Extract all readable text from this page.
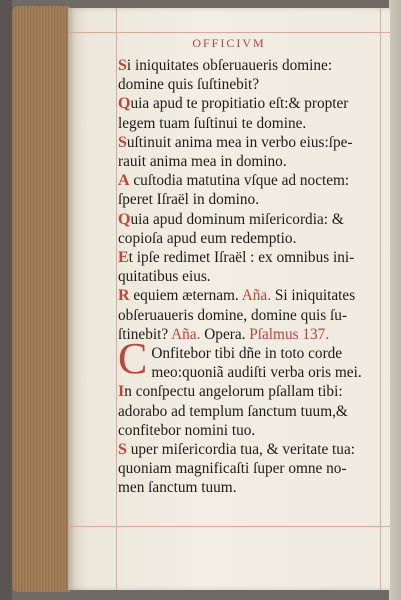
OFFICIVM
Si iniquitates obſeruaueris domine:
domine quis ſuſtinebit?
Quia apud te propitiatio eſt:& propter
legem tuam ſuſtinui te domine.
Suſtinuit anima mea in verbo eius:ſpe-
rauit anima mea in domino.
A cuſtodia matutina vſque ad noctem:
ſperet Iſraël in domino.
Quia apud dominum miſericordia: &
copioſa apud eum redemptio.
Et ipſe redimet Iſraël : ex omnibus ini-
quitatibus eius.
R equiem æternam. Aña. Si iniquitates
obſeruaueris domine, domine quis ſu-
ſtinebit? Aña. Opera. Pſalmus 137.
C Onfitebor tibi dñe in toto corde
meo:quoniã audiſti verba oris mei.
In conſpectu angelorum pſallam tibi:
adorabo ad templum ſanctum tuum,&
confitebor nomini tuo.
S uper miſericordia tua, & veritate tua:
quoniam magnificaſti ſuper omne no-
men ſanctum tuum.
